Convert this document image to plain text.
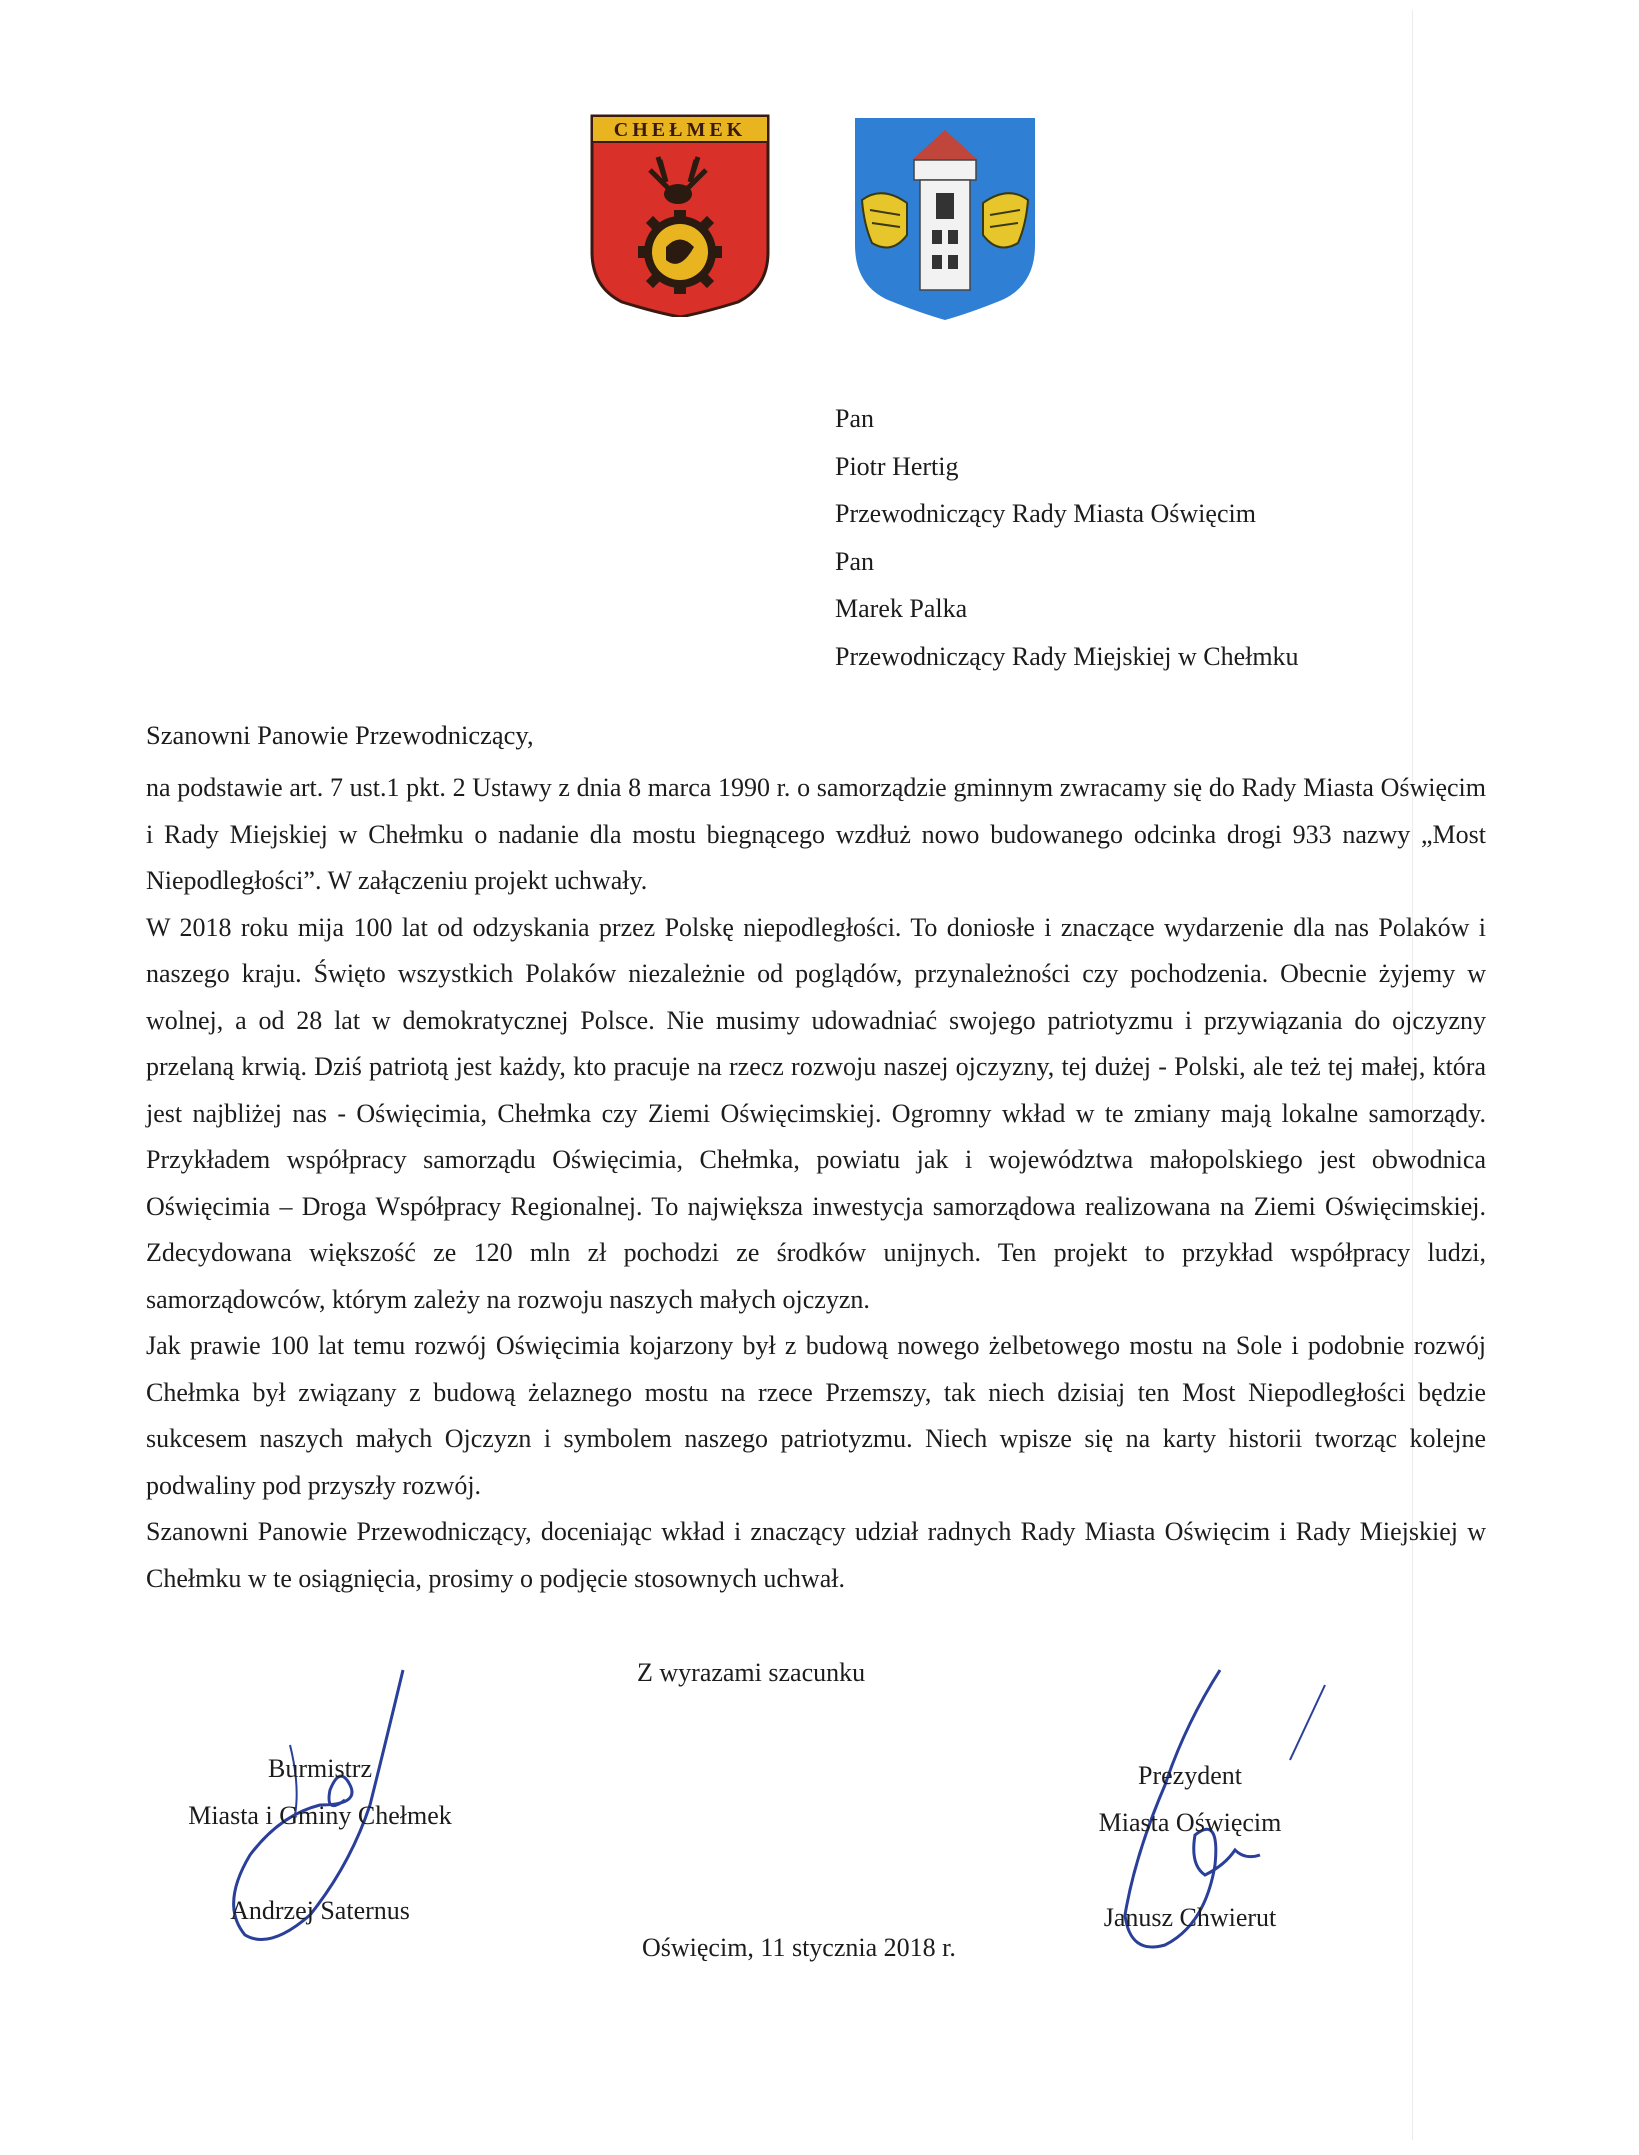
CHEŁMEK
Pan
Piotr Hertig
Przewodniczący Rady Miasta Oświęcim
Pan
Marek Palka
Przewodniczący Rady Miejskiej w Chełmku
Szanowni Panowie Przewodniczący,

na podstawie art. 7 ust.1 pkt. 2 Ustawy z dnia 8 marca 1990 r. o samorządzie gminnym zwracamy się do Rady Miasta Oświęcim i Rady Miejskiej w Chełmku o nadanie dla mostu biegnącego wzdłuż nowo budowanego odcinka drogi 933 nazwy „Most Niepodległości”. W załączeniu projekt uchwały.

W 2018 roku mija 100 lat od odzyskania przez Polskę niepodległości. To doniosłe i znaczące wydarzenie dla nas Polaków i naszego kraju. Święto wszystkich Polaków niezależnie od poglądów, przynależności czy pochodzenia. Obecnie żyjemy w wolnej, a od 28 lat w demokratycznej Polsce. Nie musimy udowadniać swojego patriotyzmu i przywiązania do ojczyzny przelaną krwią. Dziś patriotą jest każdy, kto pracuje na rzecz rozwoju naszej ojczyzny, tej dużej - Polski, ale też tej małej, która jest najbliżej nas - Oświęcimia, Chełmka czy Ziemi Oświęcimskiej. Ogromny wkład w te zmiany mają lokalne samorządy. Przykładem współpracy samorządu Oświęcimia, Chełmka, powiatu jak i województwa małopolskiego jest obwodnica Oświęcimia – Droga Współpracy Regionalnej. To największa inwestycja samorządowa realizowana na Ziemi Oświęcimskiej. Zdecydowana większość ze 120 mln zł pochodzi ze środków unijnych. Ten projekt to przykład współpracy ludzi, samorządowców, którym zależy na rozwoju naszych małych ojczyzn.

Jak prawie 100 lat temu rozwój Oświęcimia kojarzony był z budową nowego żelbetowego mostu na Sole i podobnie rozwój Chełmka był związany z budową żelaznego mostu na rzece Przemszy, tak niech dzisiaj ten Most Niepodległości będzie sukcesem naszych małych Ojczyzn i symbolem naszego patriotyzmu. Niech wpisze się na karty historii tworząc kolejne podwaliny pod przyszły rozwój.

Szanowni Panowie Przewodniczący, doceniając wkład i znaczący udział radnych Rady Miasta Oświęcim i Rady Miejskiej w Chełmku w te osiągnięcia, prosimy o podjęcie stosownych uchwał.

Z wyrazami szacunku
Burmistrz
Miasta i Gminy Chełmek
Andrzej Saternus
Prezydent
Miasta Oświęcim
Janusz Chwierut
Oświęcim, 11 stycznia 2018 r.
